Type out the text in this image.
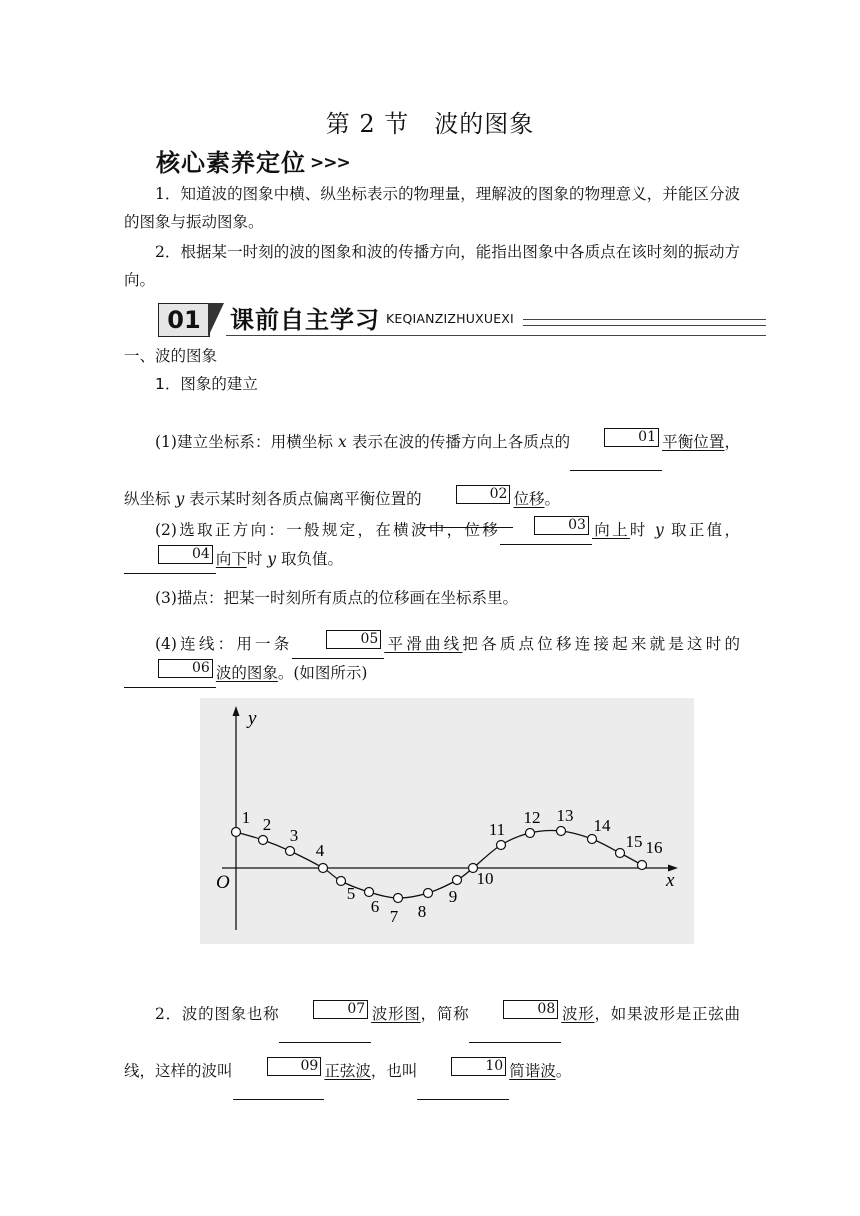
第 2 节　波的图象
核心素养定位 >>>
1．知道波的图象中横、纵坐标表示的物理量，理解波的图象的物理意义，并能区分波的图象与振动图象。
2．根据某一时刻的波的图象和波的传播方向，能指出图象中各质点在该时刻的振动方向。
01	课前自主学习 KEQIANZIZHUXUEXI
一、波的图象
1．图象的建立
(1)建立坐标系：用横坐标 x 表示在波的传播方向上各质点的	01 平衡位置，纵坐标 y 表示某时刻各质点偏离平衡位置的	02 位移。
(2)选取正方向：一般规定，在横波中，位移	03 向上时 y 取正值，04 向下时 y 取负值。
(3)描点：把某一时刻所有质点的位移画在坐标系里。
(4)连线：用一条	05 平滑曲线把各质点位移连接起来就是这时的06 波的图象。(如图所示)
y
x
O
1 2
3
4
5
6
7 8
9
10
11
12 13
14
15 16
2．波的图象也称	07 波形图，简称	08 波形，如果波形是正弦曲线，这样的波叫	09 正弦波，也叫	10 简谐波。
